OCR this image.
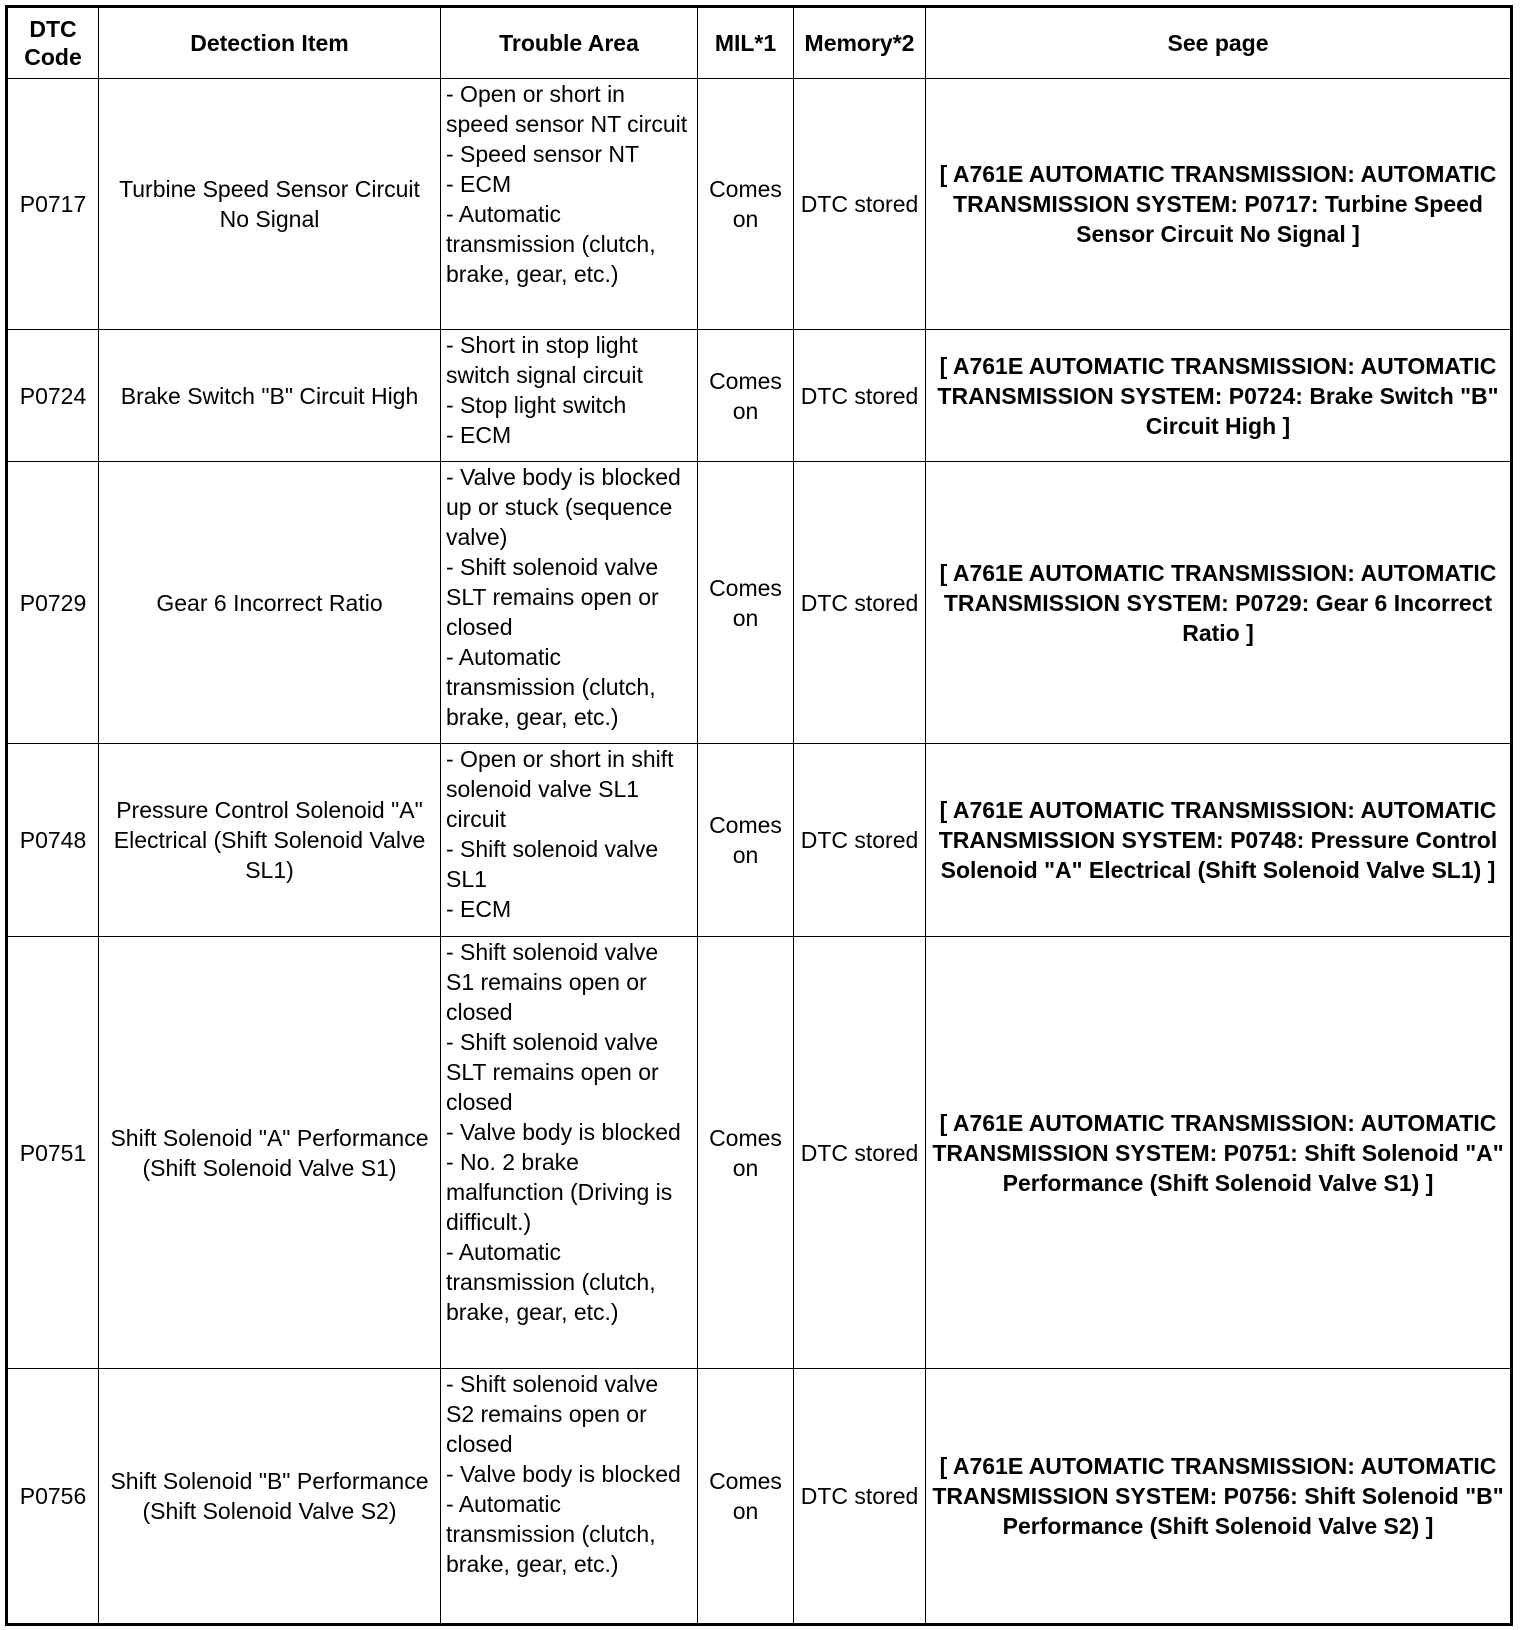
DTC Code	Detection Item	Trouble Area	MIL*1	Memory*2	See page
P0717	Turbine Speed Sensor Circuit No Signal	- Open or short in speed sensor NT circuit
- Speed sensor NT
- ECM
- Automatic transmission (clutch, brake, gear, etc.)	Comes on	DTC stored	[ A761E AUTOMATIC TRANSMISSION: AUTOMATIC TRANSMISSION SYSTEM: P0717: Turbine Speed Sensor Circuit No Signal ]
P0724	Brake Switch "B" Circuit High	- Short in stop light switch signal circuit
- Stop light switch
- ECM	Comes on	DTC stored	[ A761E AUTOMATIC TRANSMISSION: AUTOMATIC TRANSMISSION SYSTEM: P0724: Brake Switch "B" Circuit High ]
P0729	Gear 6 Incorrect Ratio	- Valve body is blocked up or stuck (sequence valve)
- Shift solenoid valve SLT remains open or closed
- Automatic transmission (clutch, brake, gear, etc.)	Comes on	DTC stored	[ A761E AUTOMATIC TRANSMISSION: AUTOMATIC TRANSMISSION SYSTEM: P0729: Gear 6 Incorrect Ratio ]
P0748	Pressure Control Solenoid "A" Electrical (Shift Solenoid Valve SL1)	- Open or short in shift solenoid valve SL1 circuit
- Shift solenoid valve SL1
- ECM	Comes on	DTC stored	[ A761E AUTOMATIC TRANSMISSION: AUTOMATIC TRANSMISSION SYSTEM: P0748: Pressure Control Solenoid "A" Electrical (Shift Solenoid Valve SL1) ]
P0751	Shift Solenoid "A" Performance (Shift Solenoid Valve S1)	- Shift solenoid valve S1 remains open or closed
- Shift solenoid valve SLT remains open or closed
- Valve body is blocked
- No. 2 brake malfunction (Driving is difficult.)
- Automatic transmission (clutch, brake, gear, etc.)	Comes on	DTC stored	[ A761E AUTOMATIC TRANSMISSION: AUTOMATIC TRANSMISSION SYSTEM: P0751: Shift Solenoid "A" Performance (Shift Solenoid Valve S1) ]
P0756	Shift Solenoid "B" Performance (Shift Solenoid Valve S2)	- Shift solenoid valve S2 remains open or closed
- Valve body is blocked
- Automatic transmission (clutch, brake, gear, etc.)	Comes on	DTC stored	[ A761E AUTOMATIC TRANSMISSION: AUTOMATIC TRANSMISSION SYSTEM: P0756: Shift Solenoid "B" Performance (Shift Solenoid Valve S2) ]
